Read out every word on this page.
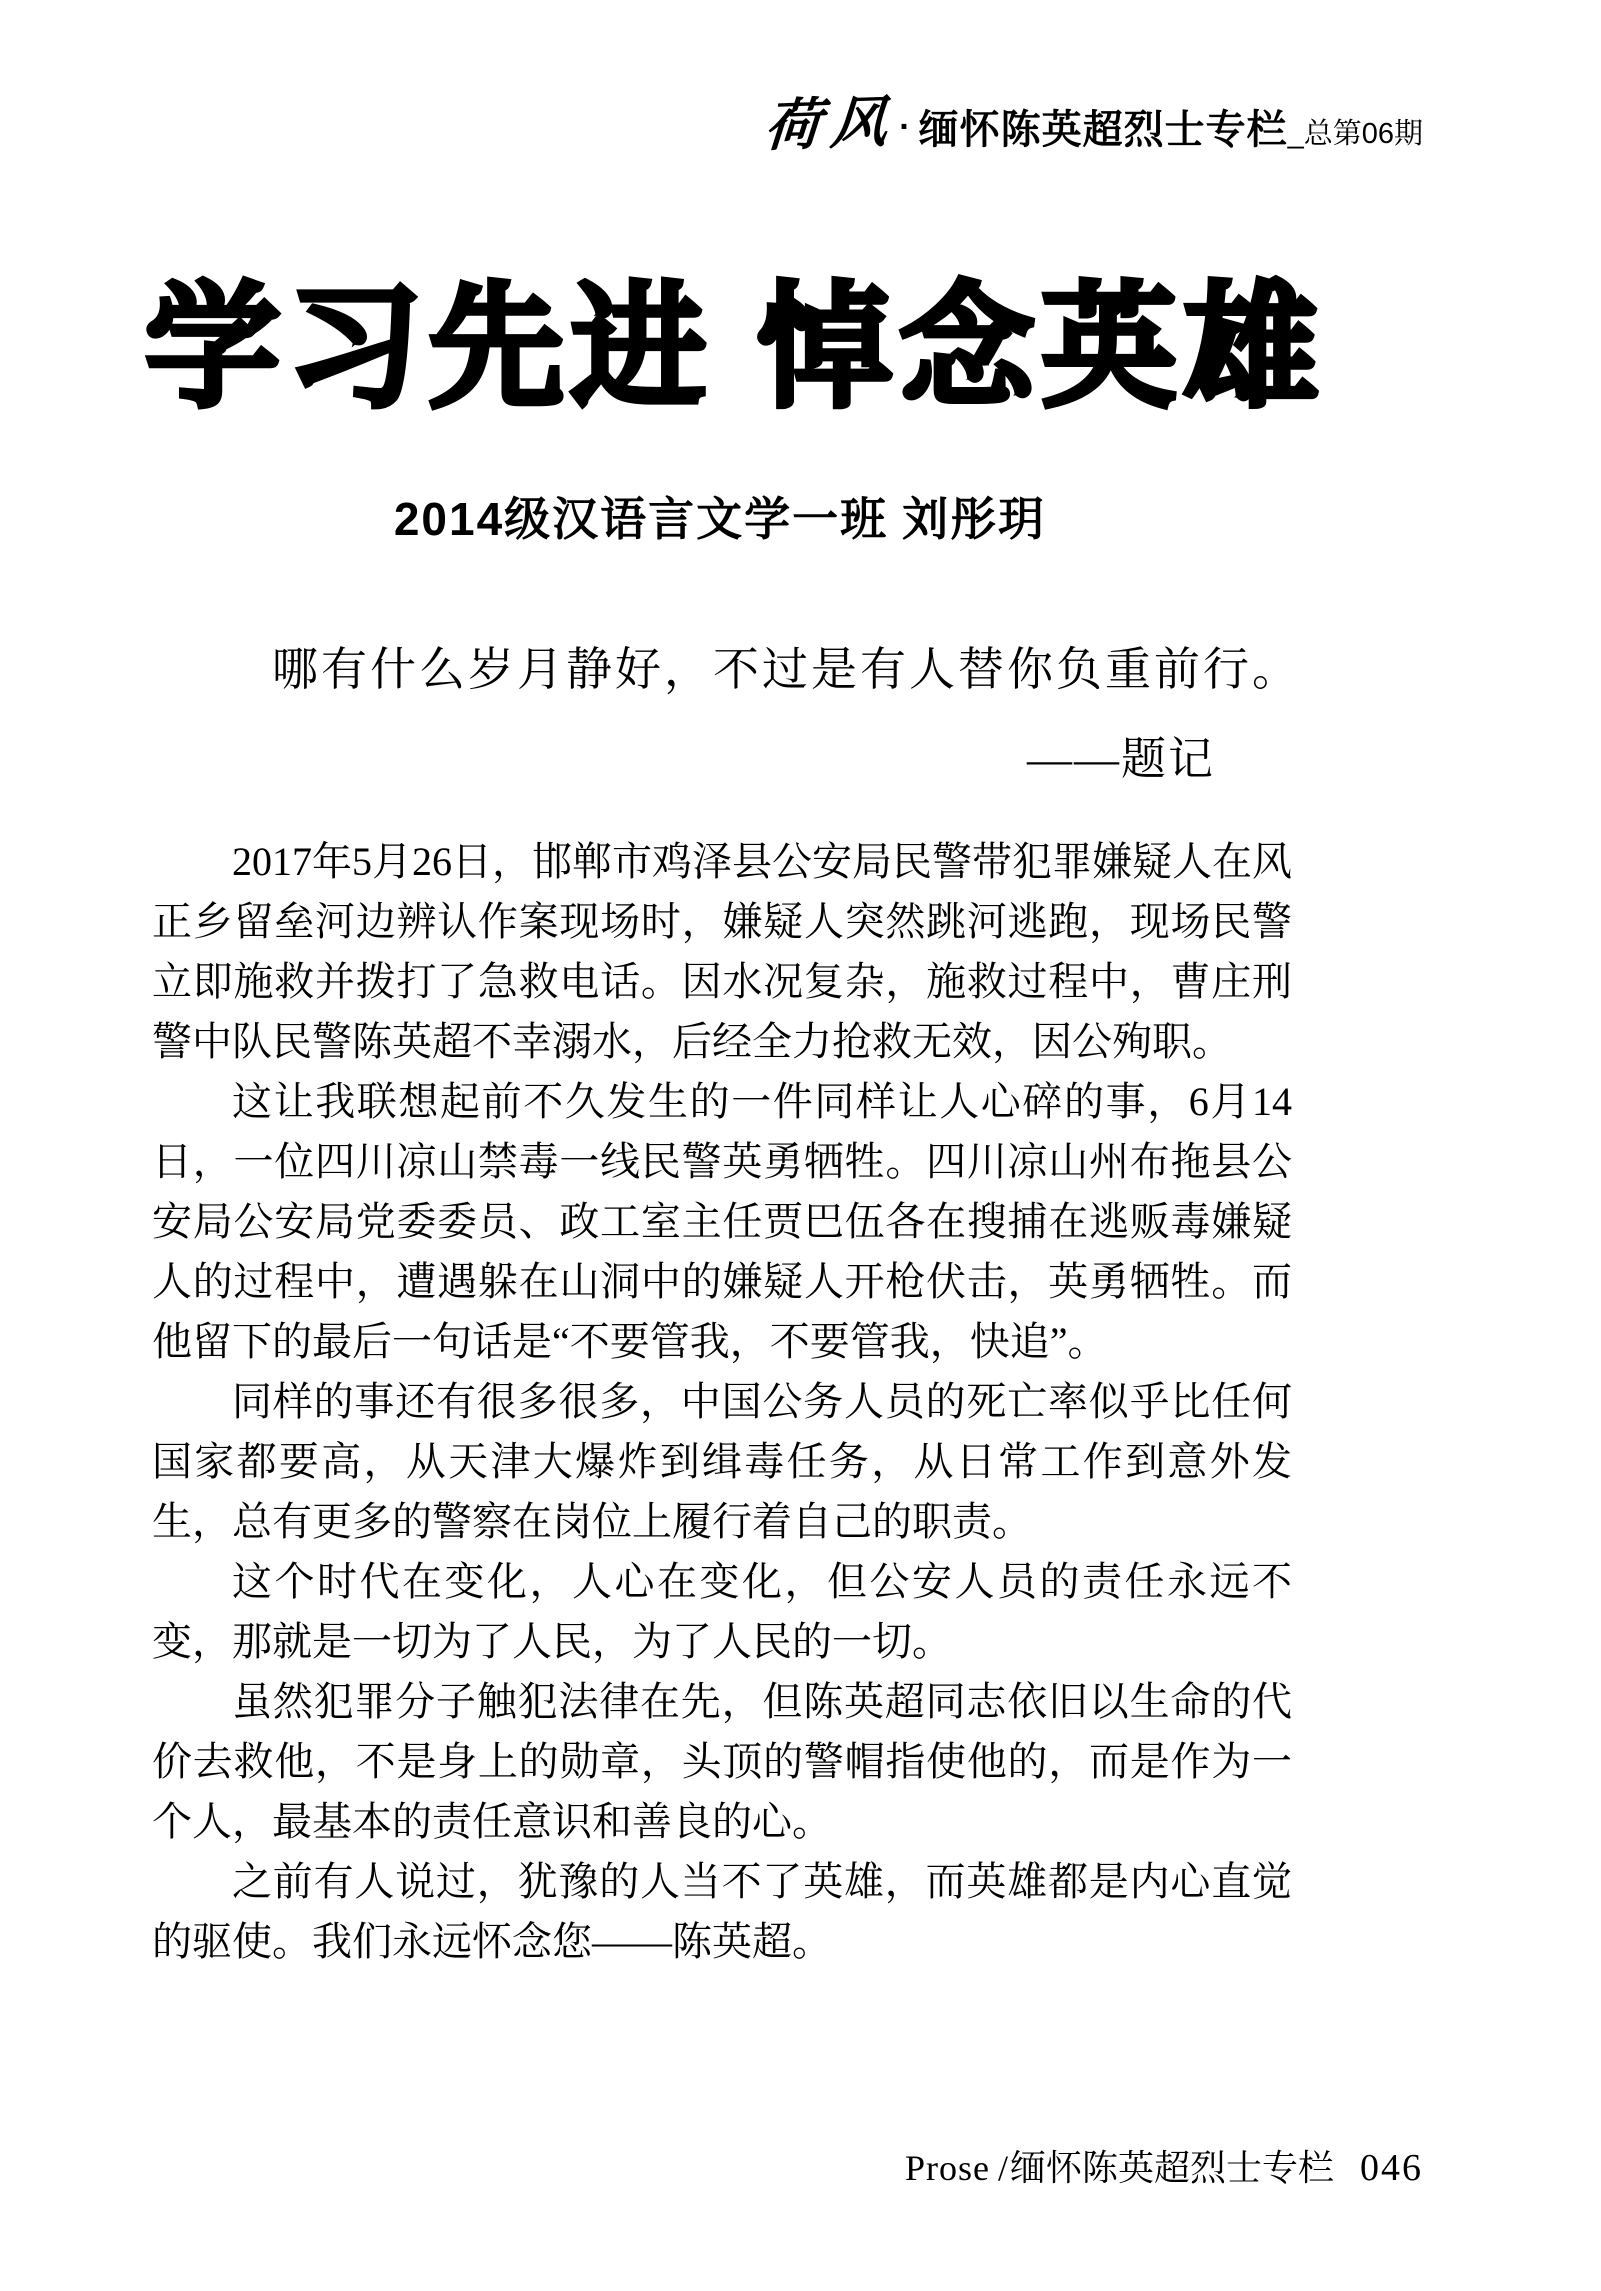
荷风 · 缅怀陈英超烈士专栏 _总第06期
学习先进 悼念英雄
2014级汉语言文学一班 刘彤玥
哪有什么岁月静好，不过是有人替你负重前行。
——题记

2017年5月26日，邯郸市鸡泽县公安局民警带犯罪嫌疑人在风正乡留垒河边辨认作案现场时，嫌疑人突然跳河逃跑，现场民警立即施救并拨打了急救电话。因水况复杂，施救过程中，曹庄刑警中队民警陈英超不幸溺水，后经全力抢救无效，因公殉职。

这让我联想起前不久发生的一件同样让人心碎的事，6月14日，一位四川凉山禁毒一线民警英勇牺牲。四川凉山州布拖县公安局公安局党委委员、政工室主任贾巴伍各在搜捕在逃贩毒嫌疑人的过程中，遭遇躲在山洞中的嫌疑人开枪伏击，英勇牺牲。而他留下的最后一句话是“不要管我，不要管我，快追”。

同样的事还有很多很多，中国公务人员的死亡率似乎比任何国家都要高，从天津大爆炸到缉毒任务，从日常工作到意外发生，总有更多的警察在岗位上履行着自己的职责。

这个时代在变化，人心在变化，但公安人员的责任永远不变，那就是一切为了人民，为了人民的一切。

虽然犯罪分子触犯法律在先，但陈英超同志依旧以生命的代价去救他，不是身上的勋章，头顶的警帽指使他的，而是作为一个人，最基本的责任意识和善良的心。

之前有人说过，犹豫的人当不了英雄，而英雄都是内心直觉的驱使。我们永远怀念您——陈英超。

Prose / 缅怀陈英超烈士专栏 046
